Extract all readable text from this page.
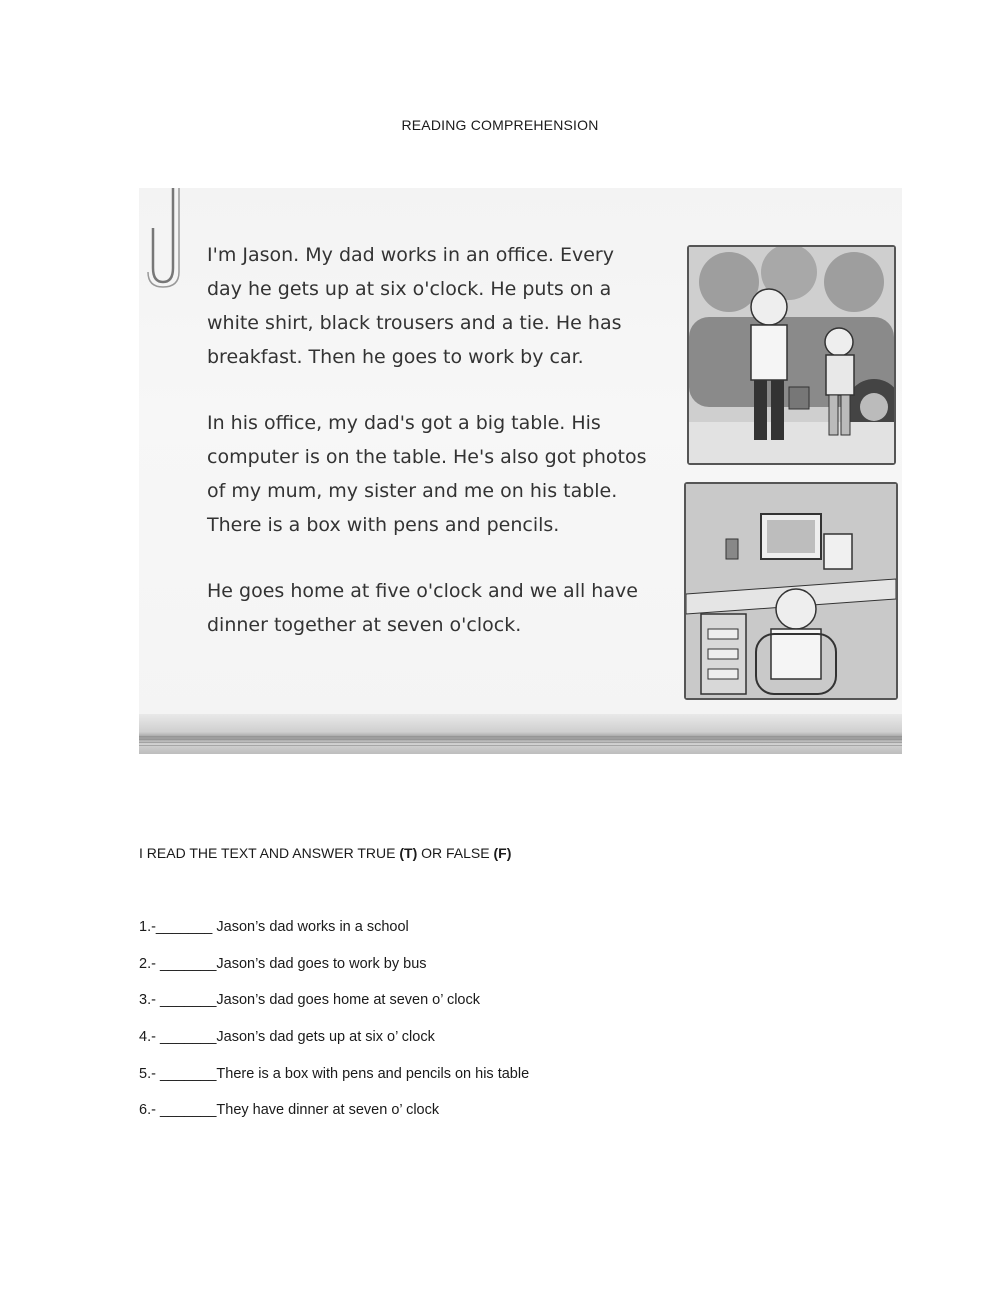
READING COMPREHENSION

I'm Jason. My dad works in an office. Every
day he gets up at six o'clock. He puts on a
white shirt, black trousers and a tie. He has
breakfast. Then he goes to work by car.

In his office, my dad's got a big table. His
computer is on the table. He's also got photos
of my mum, my sister and me on his table.
There is a box with pens and pencils.

He goes home at five o'clock and we all have
dinner together at seven o'clock.

I READ THE TEXT AND ANSWER TRUE (T) OR FALSE (F)
1.-_______ Jason’s dad works in a school
2.- _______Jason’s dad goes to work by bus
3.- _______Jason’s dad goes home at seven o’ clock
4.- _______Jason’s dad gets up at six o’ clock
5.- _______There is a box with pens and pencils on his table
6.- _______They have dinner at seven o’ clock
